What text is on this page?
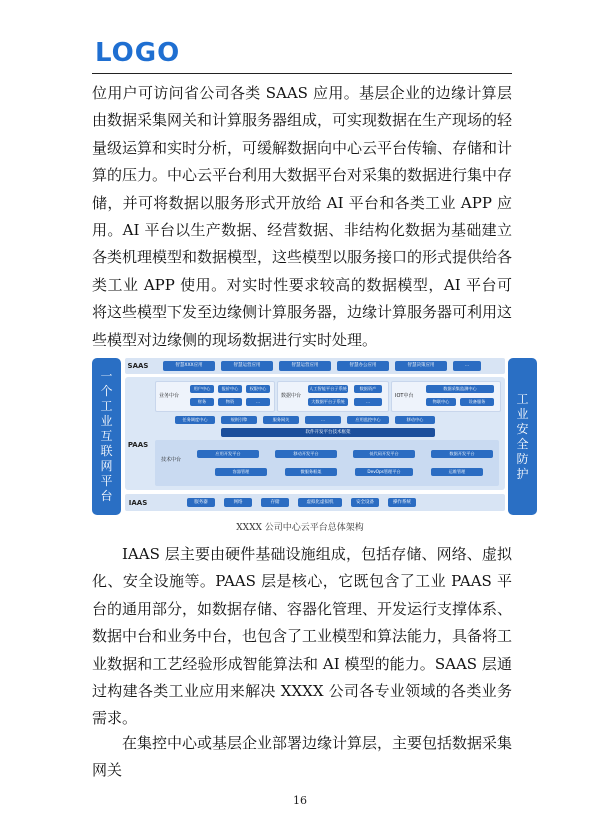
LOGO

位用户可访问省公司各类 SAAS 应用。基层企业的边缘计算层由数据采集网关和计算服务器组成，可实现数据在生产现场的轻量级运算和实时分析，可缓解数据向中心云平台传输、存储和计算的压力。中心云平台利用大数据平台对采集的数据进行集中存储，并可将数据以服务形式开放给 AI 平台和各类工业 APP 应用。AI 平台以生产数据、经营数据、非结构化数据为基础建立各类机理模型和数据模型，这些模型以服务接口的形式提供给各类工业 APP 使用。对实时性要求较高的数据模型，AI 平台可将这些模型下发至边缘侧计算服务器，边缘计算服务器可利用这些模型对边缘侧的现场数据进行实时处理。

一个工业互联网平台
SAAS	智慧XXX应用	智慧运营应用	智慧运营应用	智慧办公应用	智慧决策应用	...
PAAS
业务中台
用户中心	报价中心	权限中心
财务	物资	...
数据中台
人工智能平台子系统	数据资产
大数据平台子系统	...
IOT中台
数据采集监测中心
物联中心	设备服务
任务调度中心	规则引擎	服务网关	...	应用监控中心	移动中心
软件开发平台技术框架
技术中台
应用开发平台	移动开发平台	低代码开发平台	数据开发平台
容器管理	微服务框架	DevOps管理平台	运维管理
IAAS	服务器	网络	存储	虚拟化虚拟机	安全设备	操作系统
工业安全防护
XXXX 公司中心云平台总体架构

IAAS 层主要由硬件基础设施组成，包括存储、网络、虚拟化、安全设施等。PAAS 层是核心，它既包含了工业 PAAS 平台的通用部分，如数据存储、容器化管理、开发运行支撑体系、数据中台和业务中台，也包含了工业模型和算法能力，具备将工业数据和工艺经验形成智能算法和 AI 模型的能力。SAAS 层通过构建各类工业应用来解决 XXXX 公司各专业领域的各类业务需求。

在集控中心或基层企业部署边缘计算层，主要包括数据采集网关

16
